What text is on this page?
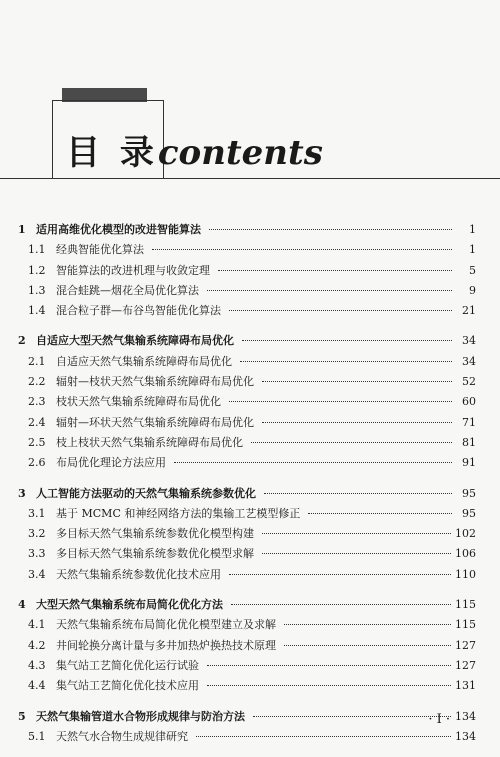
目 录contents
1 适用高维优化模型的改进智能算法	1
1.1 经典智能优化算法	1
1.2 智能算法的改进机理与收敛定理	5
1.3 混合蛙跳—烟花全局优化算法	9
1.4 混合粒子群—布谷鸟智能优化算法	21
2 自适应大型天然气集输系统障碍布局优化	34
2.1 自适应天然气集输系统障碍布局优化	34
2.2 辐射—枝状天然气集输系统障碍布局优化	52
2.3 枝状天然气集输系统障碍布局优化	60
2.4 辐射—环状天然气集输系统障碍布局优化	71
2.5 枝上枝状天然气集输系统障碍布局优化	81
2.6 布局优化理论方法应用	91
3 人工智能方法驱动的天然气集输系统参数优化	95
3.1 基于 MCMC 和神经网络方法的集输工艺模型修正	95
3.2 多目标天然气集输系统参数优化模型构建	102
3.3 多目标天然气集输系统参数优化模型求解	106
3.4 天然气集输系统参数优化技术应用	110
4 大型天然气集输系统布局简化优化方法	115
4.1 天然气集输系统布局简化优化模型建立及求解	115
4.2 井间轮换分离计量与多井加热炉换热技术原理	127
4.3 集气站工艺简化优化运行试验	127
4.4 集气站工艺简化优化技术应用	131
5 天然气集输管道水合物形成规律与防治方法	134
5.1 天然气水合物生成规律研究	134
· I ·
